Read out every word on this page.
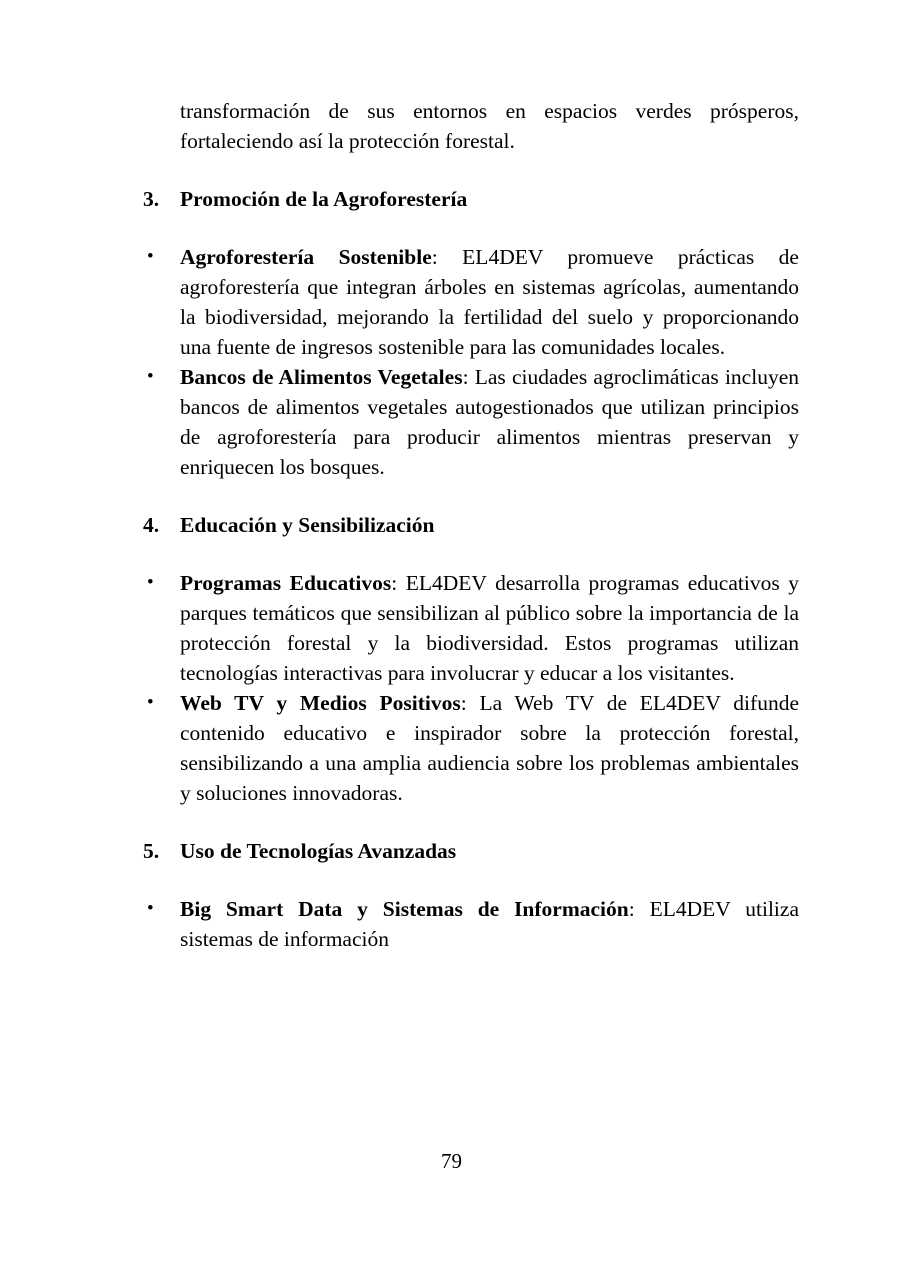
transformación de sus entornos en espacios verdes prósperos, fortaleciendo así la protección forestal.

3. Promoción de la Agroforestería

•	Agroforestería Sostenible: EL4DEV promueve prácticas de agroforestería que integran árboles en sistemas agrícolas, aumentando la biodiversidad, mejorando la fertilidad del suelo y proporcionando una fuente de ingresos sostenible para las comunidades locales.

•	Bancos de Alimentos Vegetales: Las ciudades agroclimáticas incluyen bancos de alimentos vegetales autogestionados que utilizan principios de agroforestería para producir alimentos mientras preservan y enriquecen los bosques.

4. Educación y Sensibilización

•	Programas Educativos: EL4DEV desarrolla programas educativos y parques temáticos que sensibilizan al público sobre la importancia de la protección forestal y la biodiversidad. Estos programas utilizan tecnologías interactivas para involucrar y educar a los visitantes.

•	Web TV y Medios Positivos: La Web TV de EL4DEV difunde contenido educativo e inspirador sobre la protección forestal, sensibilizando a una amplia audiencia sobre los problemas ambientales y soluciones innovadoras.

5. Uso de Tecnologías Avanzadas

•	Big Smart Data y Sistemas de Información: EL4DEV utiliza sistemas de información

79
